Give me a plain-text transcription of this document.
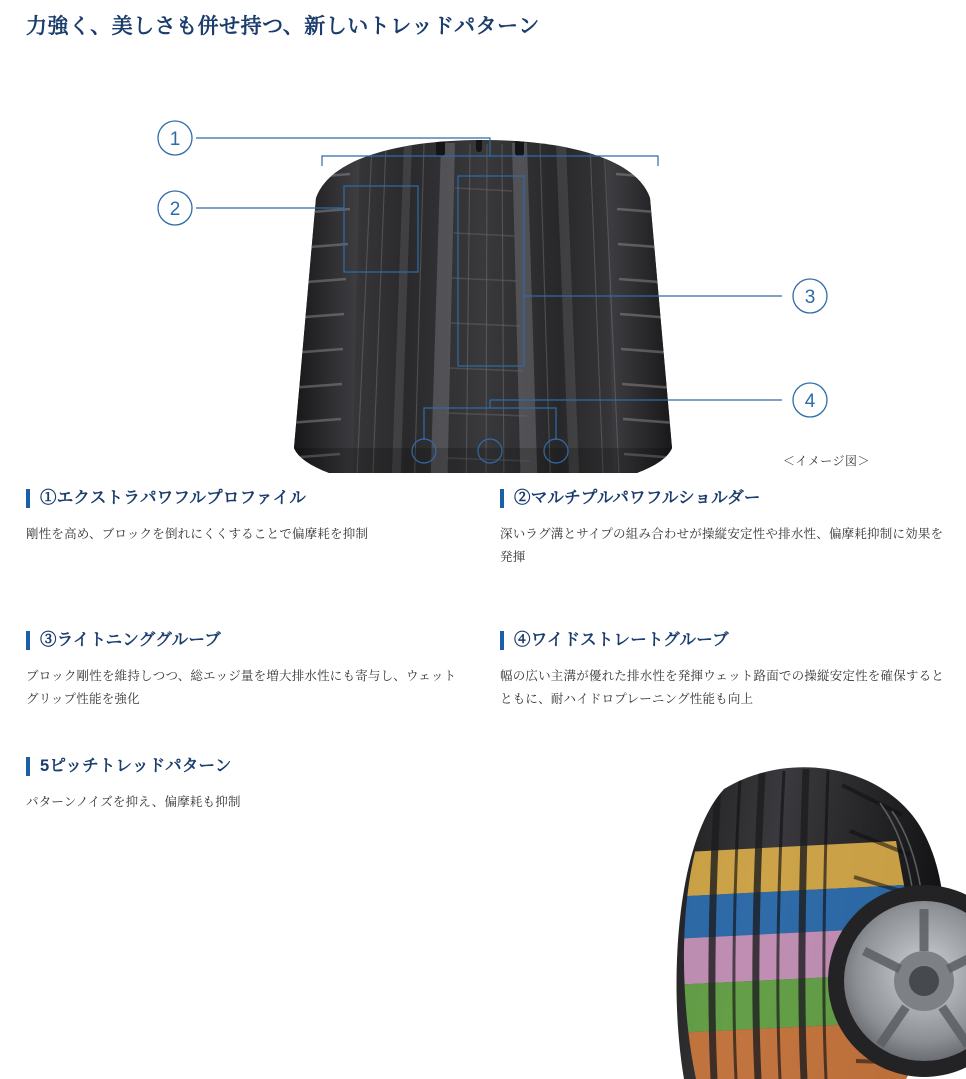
力強く、美しさも併せ持つ、新しいトレッドパターン
1
2
3
4
＜イメージ図＞
①エクストラパワフルプロファイル
剛性を高め、ブロックを倒れにくくすることで偏摩耗を抑制
③ライトニンググルーブ
ブロック剛性を維持しつつ、総エッジ量を増大排水性にも寄与し、ウェットグリップ性能を強化
5ピッチトレッドパターン
パターンノイズを抑え、偏摩耗も抑制
②マルチプルパワフルショルダー
深いラグ溝とサイプの組み合わせが操縦安定性や排水性、偏摩耗抑制に効果を発揮
④ワイドストレートグルーブ
幅の広い主溝が優れた排水性を発揮ウェット路面での操縦安定性を確保するとともに、耐ハイドロプレーニング性能も向上
